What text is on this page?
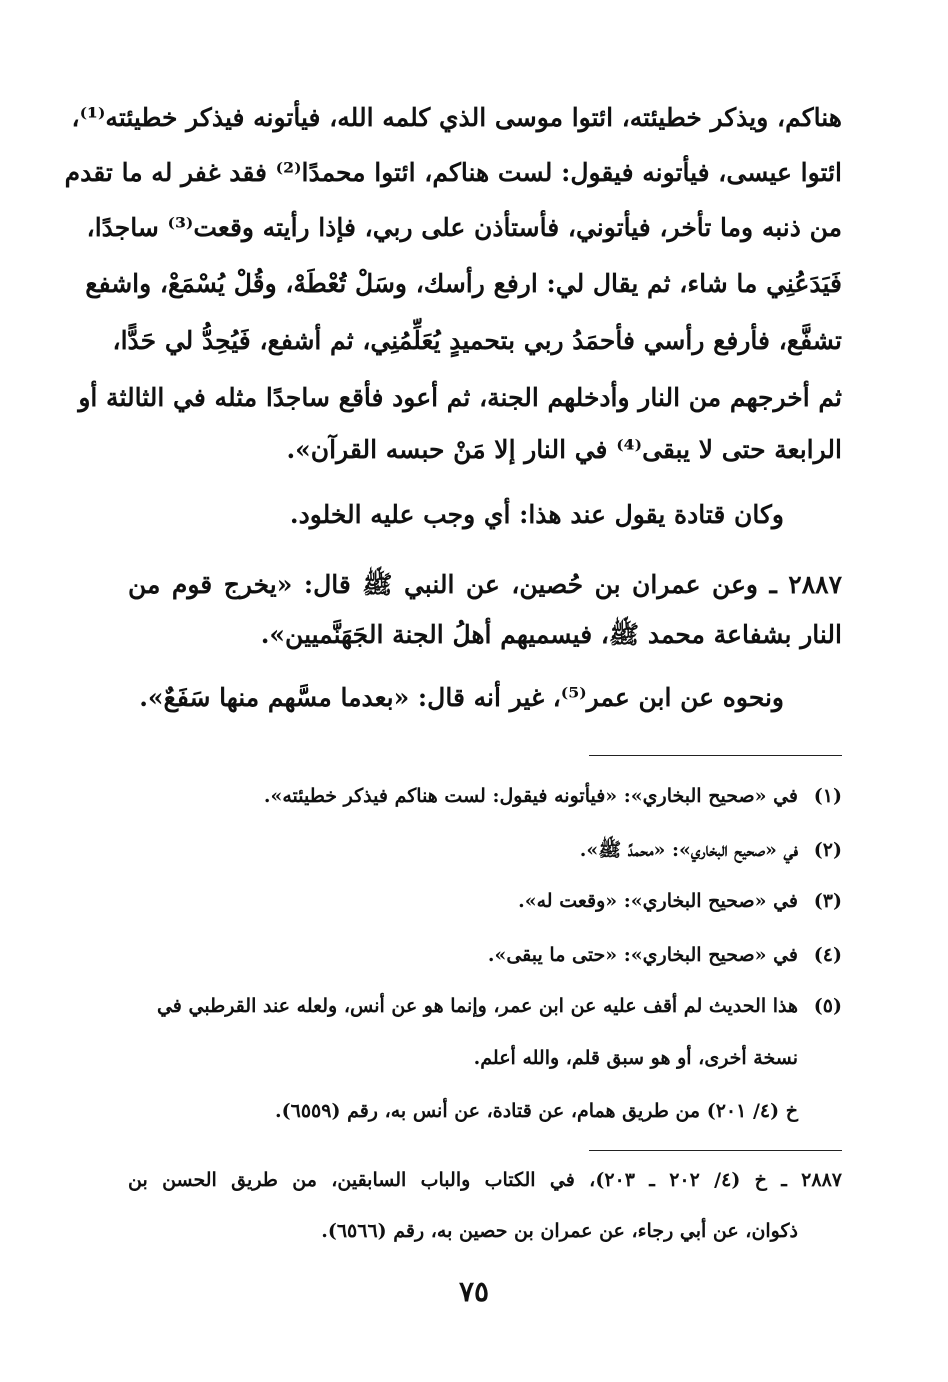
هناكم، ويذكر خطيئته، ائتوا موسى الذي كلمه الله، فيأتونه فيذكر خطيئته⁽¹⁾،
ائتوا عيسى، فيأتونه فيقول: لست هناكم، ائتوا محمدًا⁽²⁾ فقد غفر له ما تقدم
من ذنبه وما تأخر، فيأتوني، فأستأذن على ربي، فإذا رأيته وقعت⁽³⁾ ساجدًا،
فَيَدَعُنِي ما شاء، ثم يقال لي: ارفع رأسك، وسَلْ تُعْطَهْ، وقُلْ يُسْمَعْ، واشفع
تشفَّع، فأرفع رأسي فأحمَدُ ربي بتحميدٍ يُعَلِّمُنِي، ثم أشفع، فَيُحِدُّ لي حَدًّا،
ثم أخرجهم من النار وأدخلهم الجنة، ثم أعود فأقع ساجدًا مثله في الثالثة أو
الرابعة حتى لا يبقى⁽⁴⁾ في النار إلا مَنْ حبسه القرآن».
وكان قتادة يقول عند هذا: أي وجب عليه الخلود.
٢٨٨٧ ـ وعن عمران بن حُصين، عن النبي ﷺ قال: «يخرج قوم من
النار بشفاعة محمد ﷺ، فيسميهم أهلُ الجنة الجَهَنَّميين».
ونحوه عن ابن عمر⁽⁵⁾، غير أنه قال: «بعدما مسَّهم منها سَفَعٌ».
(١)
في «صحيح البخاري»: «فيأتونه فيقول: لست هناكم فيذكر خطيئته».
(٢)
في «صحيح البخاري»: «محمدً ﷺ».
(٣)
في «صحيح البخاري»: «وقعت له».
(٤)
في «صحيح البخاري»: «حتى ما يبقى».
(٥)
هذا الحديث لم أقف عليه عن ابن عمر، وإنما هو عن أنس، ولعله عند القرطبي في
نسخة أخرى، أو هو سبق قلم، والله أعلم.
خ (٤/ ٢٠١) من طريق همام، عن قتادة، عن أنس به، رقم (٦٥٥٩).
٢٨٨٧ ـ خ (٤/ ٢٠٢ ـ ٢٠٣)، في الكتاب والباب السابقين، من طريق الحسن بن
ذكوان، عن أبي رجاء، عن عمران بن حصين به، رقم (٦٥٦٦).
٧٥
